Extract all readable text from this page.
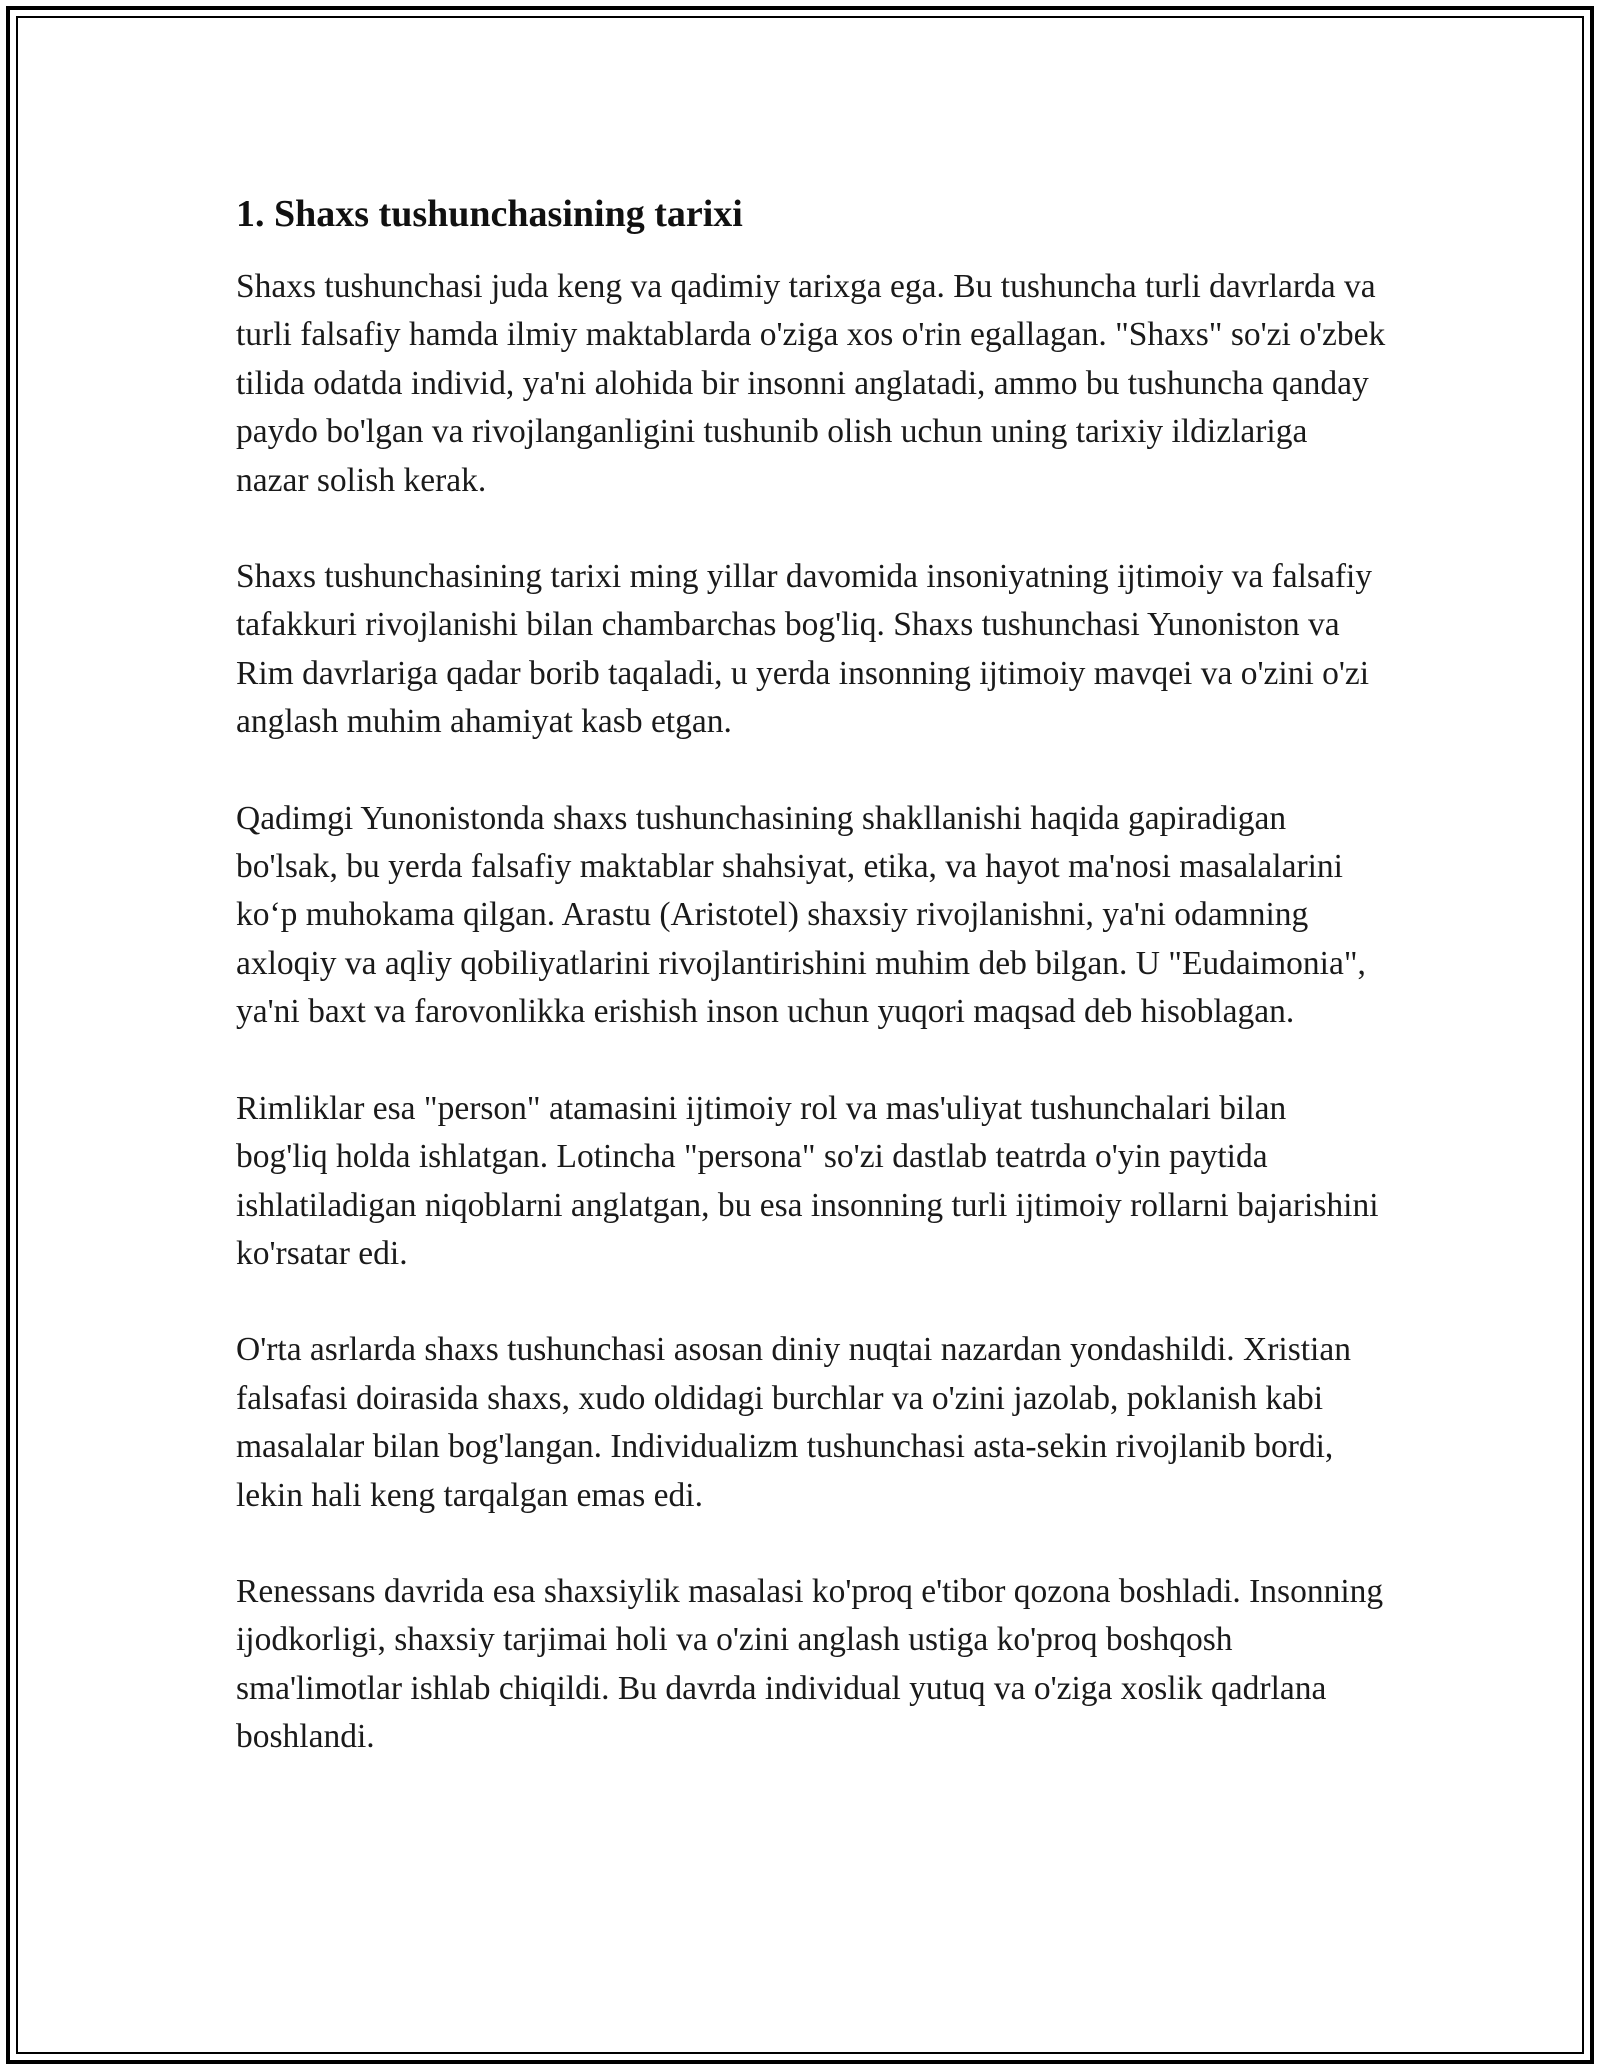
1. Shaxs tushunchasining tarixi

Shaxs tushunchasi juda keng va qadimiy tarixga ega. Bu tushuncha turli davrlarda va turli falsafiy hamda ilmiy maktablarda o'ziga xos o'rin egallagan. "Shaxs" so'zi o'zbek tilida odatda individ, ya'ni alohida bir insonni anglatadi, ammo bu tushuncha qanday paydo bo'lgan va rivojlanganligini tushunib olish uchun uning tarixiy ildizlariga nazar solish kerak.

Shaxs tushunchasining tarixi ming yillar davomida insoniyatning ijtimoiy va falsafiy tafakkuri rivojlanishi bilan chambarchas bog'liq. Shaxs tushunchasi Yunoniston va Rim davrlariga qadar borib taqaladi, u yerda insonning ijtimoiy mavqei va o'zini o'zi anglash muhim ahamiyat kasb etgan.

Qadimgi Yunonistonda shaxs tushunchasining shakllanishi haqida gapiradigan bo'lsak, bu yerda falsafiy maktablar shahsiyat, etika, va hayot ma'nosi masalalarini ko‘p muhokama qilgan. Arastu (Aristotel) shaxsiy rivojlanishni, ya'ni odamning axloqiy va aqliy qobiliyatlarini rivojlantirishini muhim deb bilgan. U "Eudaimonia", ya'ni baxt va farovonlikka erishish inson uchun yuqori maqsad deb hisoblagan.

Rimliklar esa "person" atamasini ijtimoiy rol va mas'uliyat tushunchalari bilan bog'liq holda ishlatgan. Lotincha "persona" so'zi dastlab teatrda o'yin paytida ishlatiladigan niqoblarni anglatgan, bu esa insonning turli ijtimoiy rollarni bajarishini ko'rsatar edi.

O'rta asrlarda shaxs tushunchasi asosan diniy nuqtai nazardan yondashildi. Xristian falsafasi doirasida shaxs, xudo oldidagi burchlar va o'zini jazolab, poklanish kabi masalalar bilan bog'langan. Individualizm tushunchasi asta-sekin rivojlanib bordi, lekin hali keng tarqalgan emas edi.

Renessans davrida esa shaxsiylik masalasi ko'proq e'tibor qozona boshladi. Insonning ijodkorligi, shaxsiy tarjimai holi va o'zini anglash ustiga ko'proq boshqosh sma'limotlar ishlab chiqildi. Bu davrda individual yutuq va o'ziga xoslik qadrlana boshlandi.
